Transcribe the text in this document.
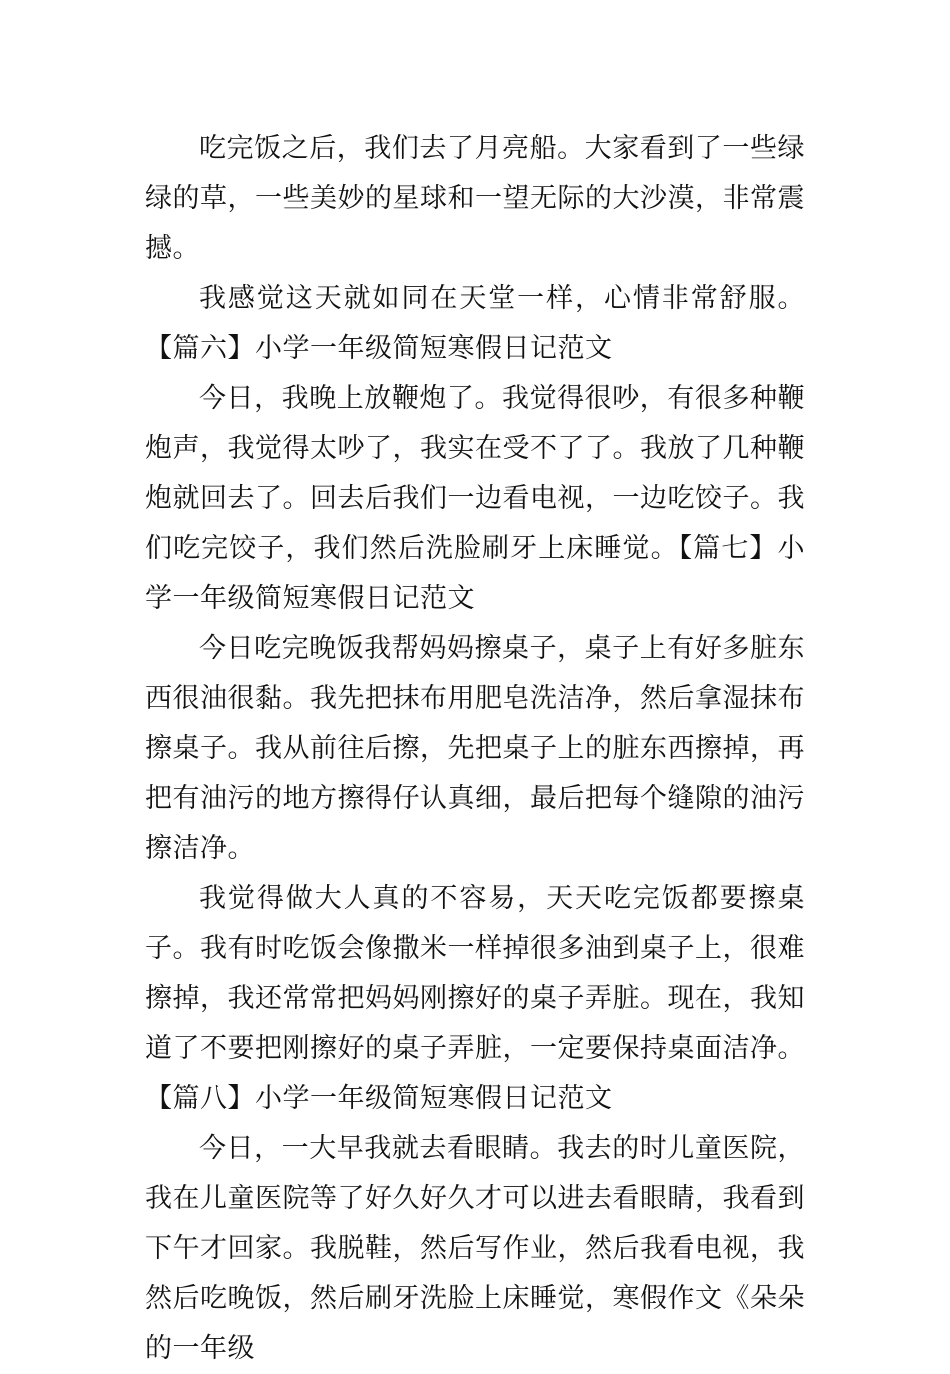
吃完饭之后，我们去了月亮船。大家看到了一些绿绿的草，一些美妙的星球和一望无际的大沙漠，非常震撼。

我感觉这天就如同在天堂一样，心情非常舒服。【篇六】小学一年级简短寒假日记范文

今日，我晚上放鞭炮了。我觉得很吵，有很多种鞭炮声，我觉得太吵了，我实在受不了了。我放了几种鞭炮就回去了。回去后我们一边看电视，一边吃饺子。我们吃完饺子，我们然后洗脸刷牙上床睡觉。【篇七】小学一年级简短寒假日记范文

今日吃完晚饭我帮妈妈擦桌子，桌子上有好多脏东西很油很黏。我先把抹布用肥皂洗洁净，然后拿湿抹布擦桌子。我从前往后擦，先把桌子上的脏东西擦掉，再把有油污的地方擦得仔认真细，最后把每个缝隙的油污擦洁净。

我觉得做大人真的不容易，天天吃完饭都要擦桌子。我有时吃饭会像撒米一样掉很多油到桌子上，很难擦掉，我还常常把妈妈刚擦好的桌子弄脏。现在，我知道了不要把刚擦好的桌子弄脏，一定要保持桌面洁净。【篇八】小学一年级简短寒假日记范文

今日，一大早我就去看眼睛。我去的时儿童医院，我在儿童医院等了好久好久才可以进去看眼睛，我看到下午才回家。我脱鞋，然后写作业，然后我看电视，我然后吃晚饭，然后刷牙洗脸上床睡觉，寒假作文《朵朵的一年级
